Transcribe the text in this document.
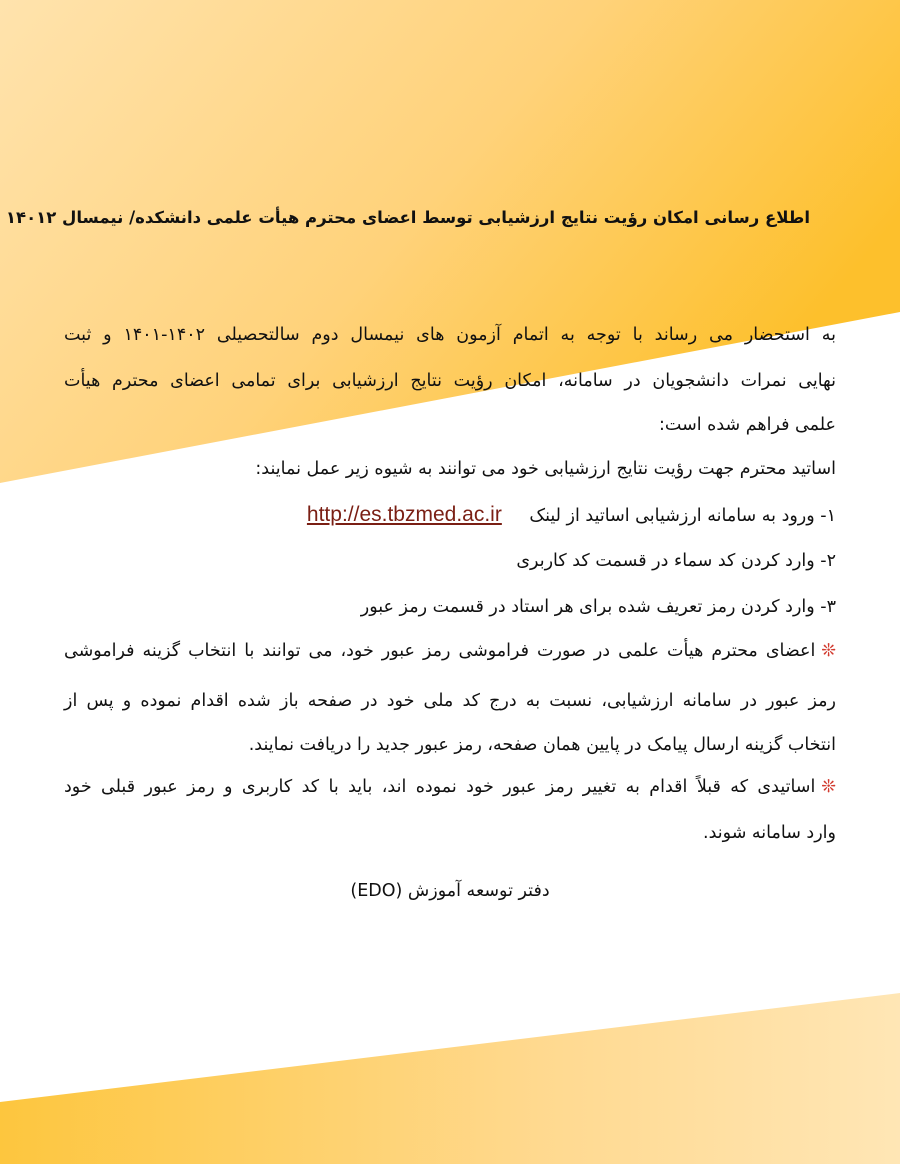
اطلاع رسانی امکان رؤیت نتایج ارزشیابی توسط اعضای محترم هیأت علمی دانشکده/ نیمسال ۱۴۰۱۲
به استحضار می رساند با توجه به اتمام آزمون های نیمسال دوم سالتحصیلی ۱۴۰۲-۱۴۰۱ و ثبت
نهایی نمرات دانشجویان در سامانه، امکان رؤیت نتایج ارزشیابی برای تمامی اعضای محترم هیأت
علمی فراهم شده است:
اساتید محترم جهت رؤیت نتایج ارزشیابی خود می توانند به شیوه زیر عمل نمایند:
۱- ورود به سامانه ارزشیابی اساتید از لینک http://es.tbzmed.ac.ir
۲- وارد کردن کد سماء در قسمت کد کاربری
۳- وارد کردن رمز تعریف شده برای هر استاد در قسمت رمز عبور
❊اعضای محترم هیأت علمی در صورت فراموشی رمز عبور خود، می توانند با انتخاب گزینه فراموشی
رمز عبور در سامانه ارزشیابی، نسبت به درج کد ملی خود در صفحه باز شده اقدام نموده و پس از
انتخاب گزینه ارسال پیامک در پایین همان صفحه، رمز عبور جدید را دریافت نمایند.
❊اساتیدی که قبلاً اقدام به تغییر رمز عبور خود نموده اند، باید با کد کاربری و رمز عبور قبلی خود
وارد سامانه شوند.
دفتر توسعه آموزش (EDO)
